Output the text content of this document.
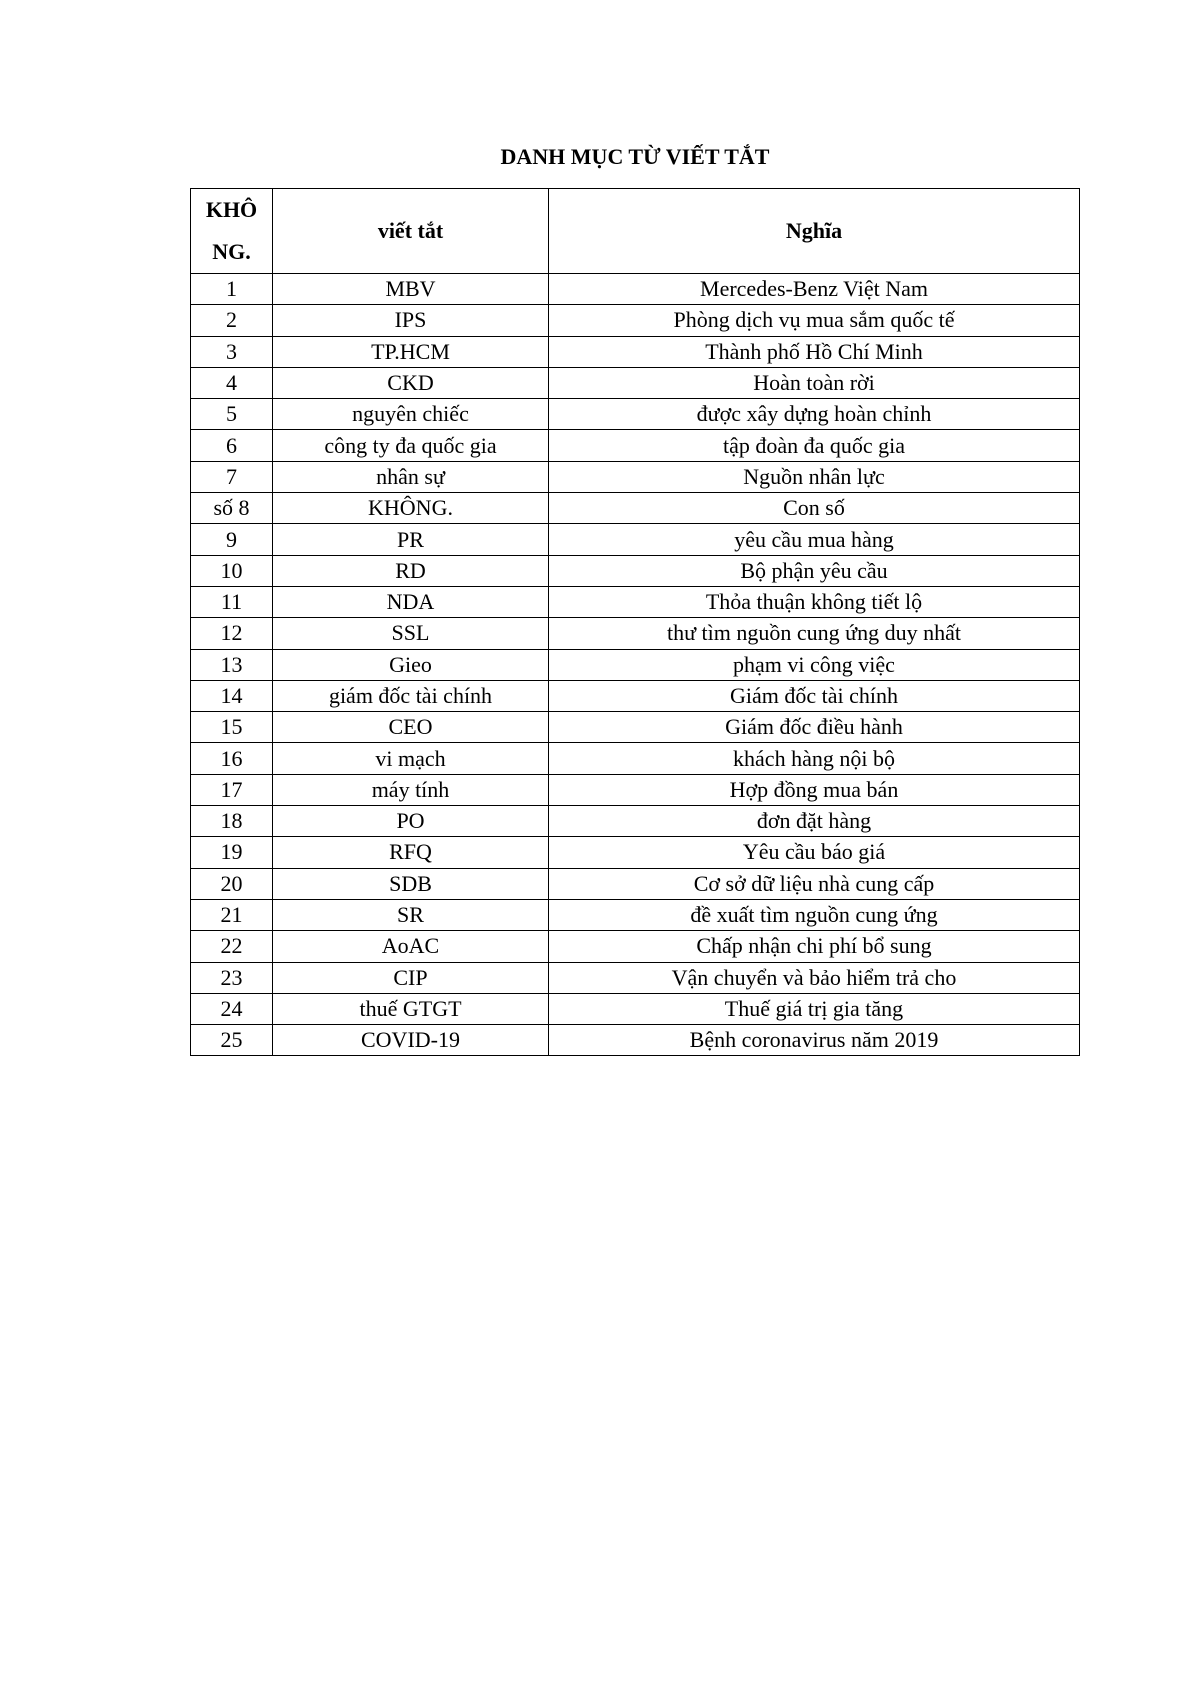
DANH MỤC TỪ VIẾT TẮT
KHÔ NG.	viết tắt	Nghĩa
1	MBV	Mercedes-Benz Việt Nam
2	IPS	Phòng dịch vụ mua sắm quốc tế
3	TP.HCM	Thành phố Hồ Chí Minh
4	CKD	Hoàn toàn rời
5	nguyên chiếc	được xây dựng hoàn chỉnh
6	công ty đa quốc gia	tập đoàn đa quốc gia
7	nhân sự	Nguồn nhân lực
số 8	KHÔNG.	Con số
9	PR	yêu cầu mua hàng
10	RD	Bộ phận yêu cầu
11	NDA	Thỏa thuận không tiết lộ
12	SSL	thư tìm nguồn cung ứng duy nhất
13	Gieo	phạm vi công việc
14	giám đốc tài chính	Giám đốc tài chính
15	CEO	Giám đốc điều hành
16	vi mạch	khách hàng nội bộ
17	máy tính	Hợp đồng mua bán
18	PO	đơn đặt hàng
19	RFQ	Yêu cầu báo giá
20	SDB	Cơ sở dữ liệu nhà cung cấp
21	SR	đề xuất tìm nguồn cung ứng
22	AoAC	Chấp nhận chi phí bổ sung
23	CIP	Vận chuyển và bảo hiểm trả cho
24	thuế GTGT	Thuế giá trị gia tăng
25	COVID-19	Bệnh coronavirus năm 2019
